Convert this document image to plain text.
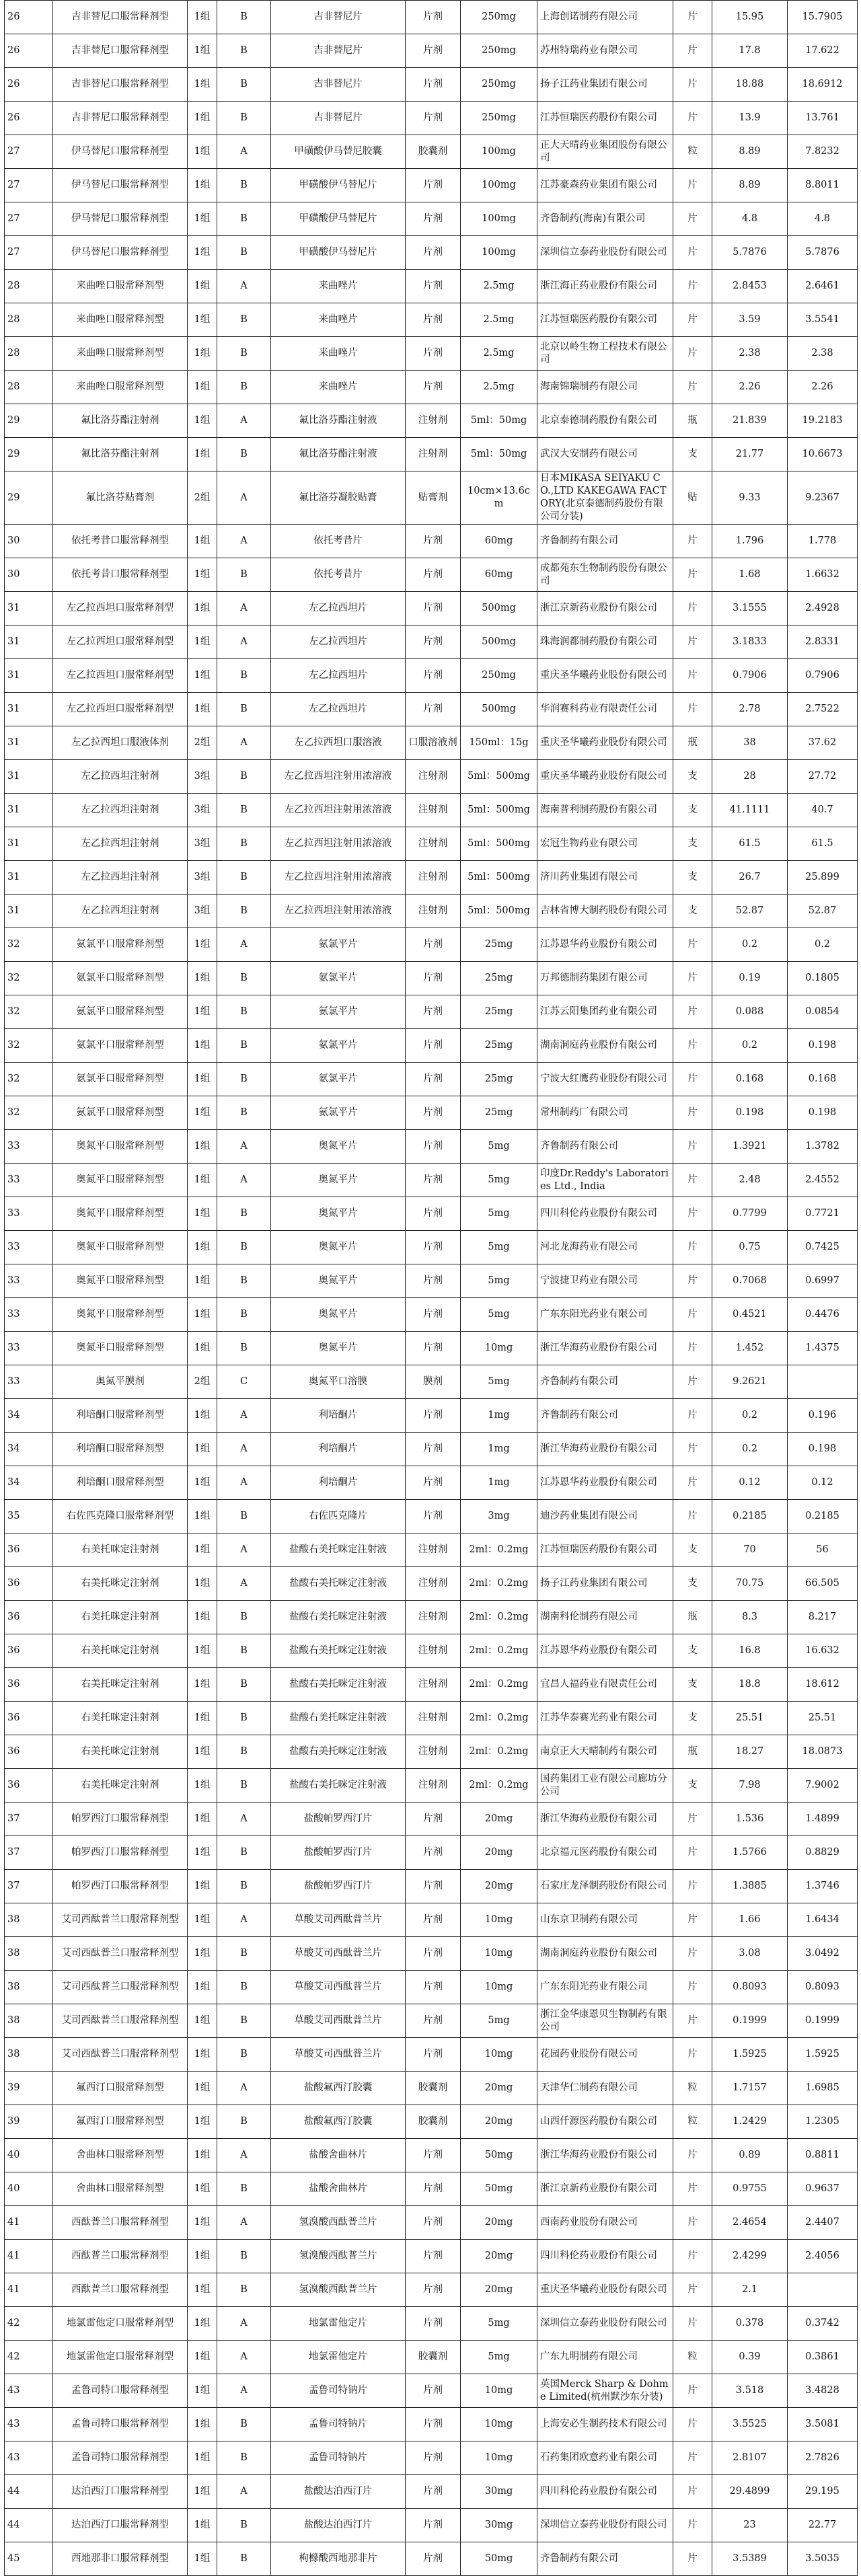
26	吉非替尼口服常释剂型	1组	B	吉非替尼片	片剂	250mg	上海创诺制药有限公司	片	15.95	15.7905
26	吉非替尼口服常释剂型	1组	B	吉非替尼片	片剂	250mg	苏州特瑞药业有限公司	片	17.8	17.622
26	吉非替尼口服常释剂型	1组	B	吉非替尼片	片剂	250mg	扬子江药业集团有限公司	片	18.88	18.6912
26	吉非替尼口服常释剂型	1组	B	吉非替尼片	片剂	250mg	江苏恒瑞医药股份有限公司	片	13.9	13.761
27	伊马替尼口服常释剂型	1组	A	甲磺酸伊马替尼胶囊	胶囊剂	100mg	正大天晴药业集团股份有限公司	粒	8.89	7.8232
27	伊马替尼口服常释剂型	1组	B	甲磺酸伊马替尼片	片剂	100mg	江苏豪森药业集团有限公司	片	8.89	8.8011
27	伊马替尼口服常释剂型	1组	B	甲磺酸伊马替尼片	片剂	100mg	齐鲁制药(海南)有限公司	片	4.8	4.8
27	伊马替尼口服常释剂型	1组	B	甲磺酸伊马替尼片	片剂	100mg	深圳信立泰药业股份有限公司	片	5.7876	5.7876
28	来曲唑口服常释剂型	1组	A	来曲唑片	片剂	2.5mg	浙江海正药业股份有限公司	片	2.8453	2.6461
28	来曲唑口服常释剂型	1组	B	来曲唑片	片剂	2.5mg	江苏恒瑞医药股份有限公司	片	3.59	3.5541
28	来曲唑口服常释剂型	1组	B	来曲唑片	片剂	2.5mg	北京以岭生物工程技术有限公司	片	2.38	2.38
28	来曲唑口服常释剂型	1组	B	来曲唑片	片剂	2.5mg	海南锦瑞制药有限公司	片	2.26	2.26
29	氟比洛芬酯注射剂	1组	A	氟比洛芬酯注射液	注射剂	5ml：50mg	北京泰德制药股份有限公司	瓶	21.839	19.2183
29	氟比洛芬酯注射剂	1组	B	氟比洛芬酯注射液	注射剂	5ml：50mg	武汉大安制药有限公司	支	21.77	10.6673
29	氟比洛芬贴膏剂	2组	A	氟比洛芬凝胶贴膏	贴膏剂	10cm×13.6cm	日本MIKASA SEIYAKU CO.,LTD KAKEGAWA FACTORY(北京泰德制药股份有限公司分装)	贴	9.33	9.2367
30	依托考昔口服常释剂型	1组	A	依托考昔片	片剂	60mg	齐鲁制药有限公司	片	1.796	1.778
30	依托考昔口服常释剂型	1组	B	依托考昔片	片剂	60mg	成都苑东生物制药股份有限公司	片	1.68	1.6632
31	左乙拉西坦口服常释剂型	1组	A	左乙拉西坦片	片剂	500mg	浙江京新药业股份有限公司	片	3.1555	2.4928
31	左乙拉西坦口服常释剂型	1组	A	左乙拉西坦片	片剂	500mg	珠海润都制药股份有限公司	片	3.1833	2.8331
31	左乙拉西坦口服常释剂型	1组	B	左乙拉西坦片	片剂	250mg	重庆圣华曦药业股份有限公司	片	0.7906	0.7906
31	左乙拉西坦口服常释剂型	1组	B	左乙拉西坦片	片剂	500mg	华润赛科药业有限责任公司	片	2.78	2.7522
31	左乙拉西坦口服液体剂	2组	A	左乙拉西坦口服溶液	口服溶液剂	150ml：15g	重庆圣华曦药业股份有限公司	瓶	38	37.62
31	左乙拉西坦注射剂	3组	B	左乙拉西坦注射用浓溶液	注射剂	5ml：500mg	重庆圣华曦药业股份有限公司	支	28	27.72
31	左乙拉西坦注射剂	3组	B	左乙拉西坦注射用浓溶液	注射剂	5ml：500mg	海南普利制药股份有限公司	支	41.1111	40.7
31	左乙拉西坦注射剂	3组	B	左乙拉西坦注射用浓溶液	注射剂	5ml：500mg	宏冠生物药业有限公司	支	61.5	61.5
31	左乙拉西坦注射剂	3组	B	左乙拉西坦注射用浓溶液	注射剂	5ml：500mg	济川药业集团有限公司	支	26.7	25.899
31	左乙拉西坦注射剂	3组	B	左乙拉西坦注射用浓溶液	注射剂	5ml：500mg	吉林省博大制药股份有限公司	支	52.87	52.87
32	氨氯平口服常释剂型	1组	A	氨氯平片	片剂	25mg	江苏恩华药业股份有限公司	片	0.2	0.2
32	氨氯平口服常释剂型	1组	B	氨氯平片	片剂	25mg	万邦德制药集团有限公司	片	0.19	0.1805
32	氨氯平口服常释剂型	1组	B	氨氯平片	片剂	25mg	江苏云阳集团药业有限公司	片	0.088	0.0854
32	氨氯平口服常释剂型	1组	B	氨氯平片	片剂	25mg	湖南洞庭药业股份有限公司	片	0.2	0.198
32	氨氯平口服常释剂型	1组	B	氨氯平片	片剂	25mg	宁波大红鹰药业股份有限公司	片	0.168	0.168
32	氨氯平口服常释剂型	1组	B	氨氯平片	片剂	25mg	常州制药厂有限公司	片	0.198	0.198
33	奥氮平口服常释剂型	1组	A	奥氮平片	片剂	5mg	齐鲁制药有限公司	片	1.3921	1.3782
33	奥氮平口服常释剂型	1组	A	奥氮平片	片剂	5mg	印度Dr.Reddy's Laboratories Ltd., India	片	2.48	2.4552
33	奥氮平口服常释剂型	1组	B	奥氮平片	片剂	5mg	四川科伦药业股份有限公司	片	0.7799	0.7721
33	奥氮平口服常释剂型	1组	B	奥氮平片	片剂	5mg	河北龙海药业有限公司	片	0.75	0.7425
33	奥氮平口服常释剂型	1组	B	奥氮平片	片剂	5mg	宁波捷卫药业有限公司	片	0.7068	0.6997
33	奥氮平口服常释剂型	1组	B	奥氮平片	片剂	5mg	广东东阳光药业有限公司	片	0.4521	0.4476
33	奥氮平口服常释剂型	1组	B	奥氮平片	片剂	10mg	浙江华海药业股份有限公司	片	1.452	1.4375
33	奥氮平膜剂	2组	C	奥氮平口溶膜	膜剂	5mg	齐鲁制药有限公司	片	9.2621	
34	利培酮口服常释剂型	1组	A	利培酮片	片剂	1mg	齐鲁制药有限公司	片	0.2	0.196
34	利培酮口服常释剂型	1组	A	利培酮片	片剂	1mg	浙江华海药业股份有限公司	片	0.2	0.198
34	利培酮口服常释剂型	1组	A	利培酮片	片剂	1mg	江苏恩华药业股份有限公司	片	0.12	0.12
35	右佐匹克隆口服常释剂型	1组	B	右佐匹克隆片	片剂	3mg	迪沙药业集团有限公司	片	0.2185	0.2185
36	右美托咪定注射剂	1组	A	盐酸右美托咪定注射液	注射剂	2ml：0.2mg	江苏恒瑞医药股份有限公司	支	70	56
36	右美托咪定注射剂	1组	A	盐酸右美托咪定注射液	注射剂	2ml：0.2mg	扬子江药业集团有限公司	支	70.75	66.505
36	右美托咪定注射剂	1组	B	盐酸右美托咪定注射液	注射剂	2ml：0.2mg	湖南科伦制药有限公司	瓶	8.3	8.217
36	右美托咪定注射剂	1组	B	盐酸右美托咪定注射液	注射剂	2ml：0.2mg	江苏恩华药业股份有限公司	支	16.8	16.632
36	右美托咪定注射剂	1组	B	盐酸右美托咪定注射液	注射剂	2ml：0.2mg	宜昌人福药业有限责任公司	支	18.8	18.612
36	右美托咪定注射剂	1组	B	盐酸右美托咪定注射液	注射剂	2ml：0.2mg	江苏华泰赛光药业有限公司	支	25.51	25.51
36	右美托咪定注射剂	1组	B	盐酸右美托咪定注射液	注射剂	2ml：0.2mg	南京正大天晴制药有限公司	瓶	18.27	18.0873
36	右美托咪定注射剂	1组	B	盐酸右美托咪定注射液	注射剂	2ml：0.2mg	国药集团工业有限公司廊坊分公司	支	7.98	7.9002
37	帕罗西汀口服常释剂型	1组	A	盐酸帕罗西汀片	片剂	20mg	浙江华海药业股份有限公司	片	1.536	1.4899
37	帕罗西汀口服常释剂型	1组	B	盐酸帕罗西汀片	片剂	20mg	北京福元医药股份有限公司	片	1.5766	0.8829
37	帕罗西汀口服常释剂型	1组	B	盐酸帕罗西汀片	片剂	20mg	石家庄龙泽制药股份有限公司	片	1.3885	1.3746
38	艾司西酞普兰口服常释剂型	1组	A	草酸艾司西酞普兰片	片剂	10mg	山东京卫制药有限公司	片	1.66	1.6434
38	艾司西酞普兰口服常释剂型	1组	B	草酸艾司西酞普兰片	片剂	10mg	湖南洞庭药业股份有限公司	片	3.08	3.0492
38	艾司西酞普兰口服常释剂型	1组	B	草酸艾司西酞普兰片	片剂	10mg	广东东阳光药业有限公司	片	0.8093	0.8093
38	艾司西酞普兰口服常释剂型	1组	B	草酸艾司西酞普兰片	片剂	5mg	浙江金华康恩贝生物制药有限公司	片	0.1999	0.1999
38	艾司西酞普兰口服常释剂型	1组	B	草酸艾司西酞普兰片	片剂	10mg	花园药业股份有限公司	片	1.5925	1.5925
39	氟西汀口服常释剂型	1组	A	盐酸氟西汀胶囊	胶囊剂	20mg	天津华仁制药有限公司	粒	1.7157	1.6985
39	氟西汀口服常释剂型	1组	B	盐酸氟西汀胶囊	胶囊剂	20mg	山西仟源医药股份有限公司	粒	1.2429	1.2305
40	舍曲林口服常释剂型	1组	A	盐酸舍曲林片	片剂	50mg	浙江华海药业股份有限公司	片	0.89	0.8811
40	舍曲林口服常释剂型	1组	B	盐酸舍曲林片	片剂	50mg	浙江京新药业股份有限公司	片	0.9755	0.9637
41	西酞普兰口服常释剂型	1组	A	氢溴酸西酞普兰片	片剂	20mg	西南药业股份有限公司	片	2.4654	2.4407
41	西酞普兰口服常释剂型	1组	B	氢溴酸西酞普兰片	片剂	20mg	四川科伦药业股份有限公司	片	2.4299	2.4056
41	西酞普兰口服常释剂型	1组	B	氢溴酸西酞普兰片	片剂	20mg	重庆圣华曦药业股份有限公司	片	2.1	
42	地氯雷他定口服常释剂型	1组	A	地氯雷他定片	片剂	5mg	深圳信立泰药业股份有限公司	片	0.378	0.3742
42	地氯雷他定口服常释剂型	1组	A	地氯雷他定片	胶囊剂	5mg	广东九明制药有限公司	粒	0.39	0.3861
43	孟鲁司特口服常释剂型	1组	A	孟鲁司特钠片	片剂	10mg	英国Merck Sharp & Dohme Limited(杭州默沙东分装)	片	3.518	3.4828
43	孟鲁司特口服常释剂型	1组	B	孟鲁司特钠片	片剂	10mg	上海安必生制药技术有限公司	片	3.5525	3.5081
43	孟鲁司特口服常释剂型	1组	B	孟鲁司特钠片	片剂	10mg	石药集团欧意药业有限公司	片	2.8107	2.7826
44	达泊西汀口服常释剂型	1组	A	盐酸达泊西汀片	片剂	30mg	四川科伦药业股份有限公司	片	29.4899	29.195
44	达泊西汀口服常释剂型	1组	B	盐酸达泊西汀片	片剂	30mg	深圳信立泰药业股份有限公司	片	23	22.77
45	西地那非口服常释剂型	1组	B	枸橼酸西地那非片	片剂	50mg	齐鲁制药有限公司	片	3.5389	3.5035
